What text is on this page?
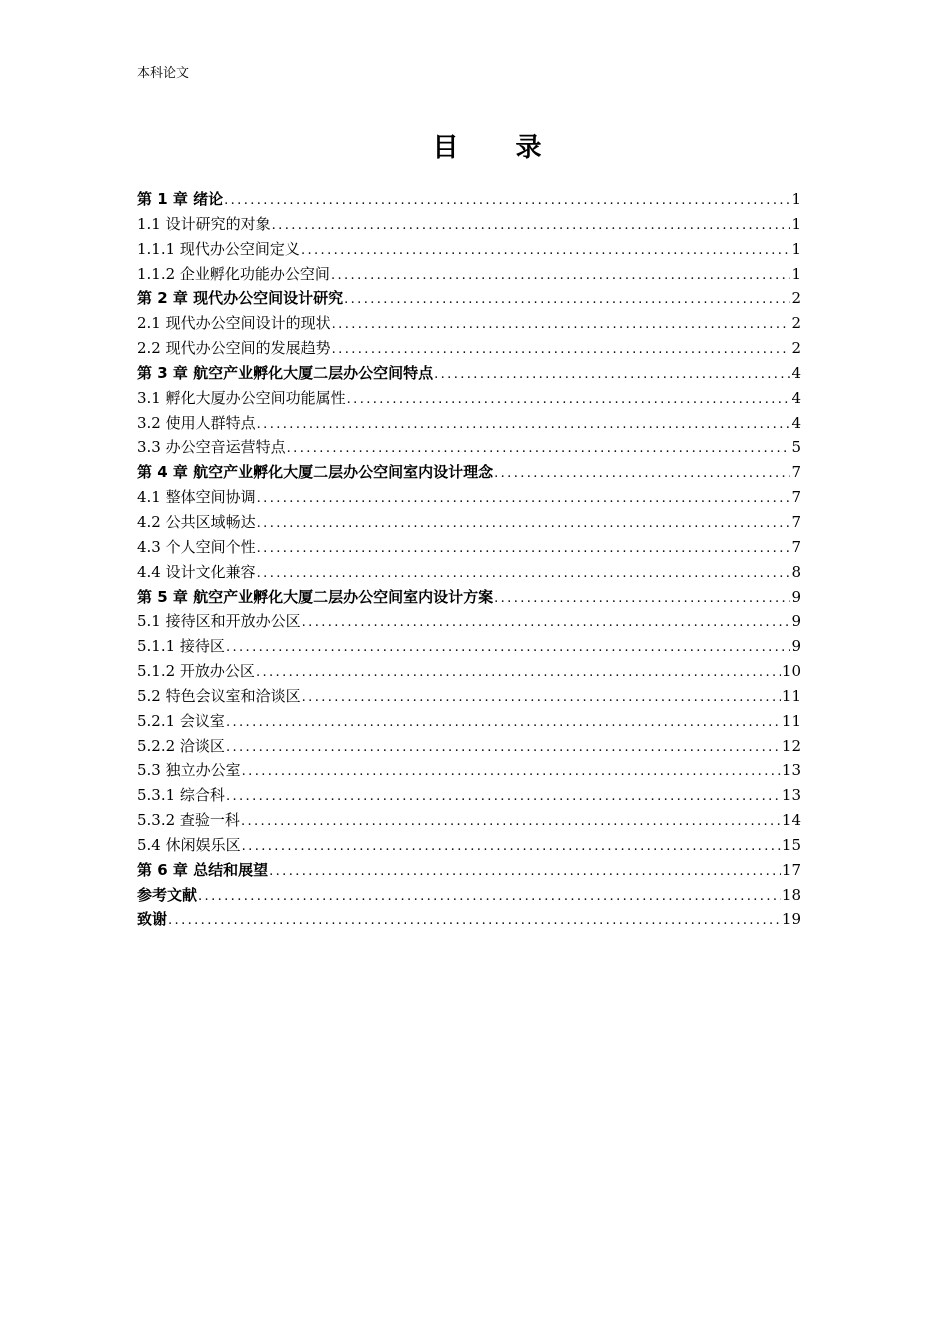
本科论文
目 录
第 1 章 绪论 .....	1
1.1 设计研究的对象 .....	1
1.1.1 现代办公空间定义 .....	1
1.1.2 企业孵化功能办公空间 .....	1
第 2 章 现代办公空间设计研究 .....	2
2.1 现代办公空间设计的现状 .....	2
2.2 现代办公空间的发展趋势 .....	2
第 3 章 航空产业孵化大厦二层办公空间特点 .....	4
3.1 孵化大厦办公空间功能属性 .....	4
3.2 使用人群特点 .....	4
3.3 办公空音运营特点 .....	5
第 4 章 航空产业孵化大厦二层办公空间室内设计理念 .....	7
4.1 整体空间协调 .....	7
4.2 公共区域畅达 .....	7
4.3 个人空间个性 .....	7
4.4 设计文化兼容 .....	8
第 5 章 航空产业孵化大厦二层办公空间室内设计方案 .....	9
5.1 接待区和开放办公区 .....	9
5.1.1 接待区 .....	9
5.1.2 开放办公区 .....	10
5.2 特色会议室和洽谈区 .....	11
5.2.1 会议室 .....	11
5.2.2 洽谈区 .....	12
5.3 独立办公室 .....	13
5.3.1 综合科 .....	13
5.3.2 查验一科 .....	14
5.4 休闲娱乐区 .....	15
第 6 章 总结和展望 .....	17
参考文献 .....	18
致谢 .....	19
